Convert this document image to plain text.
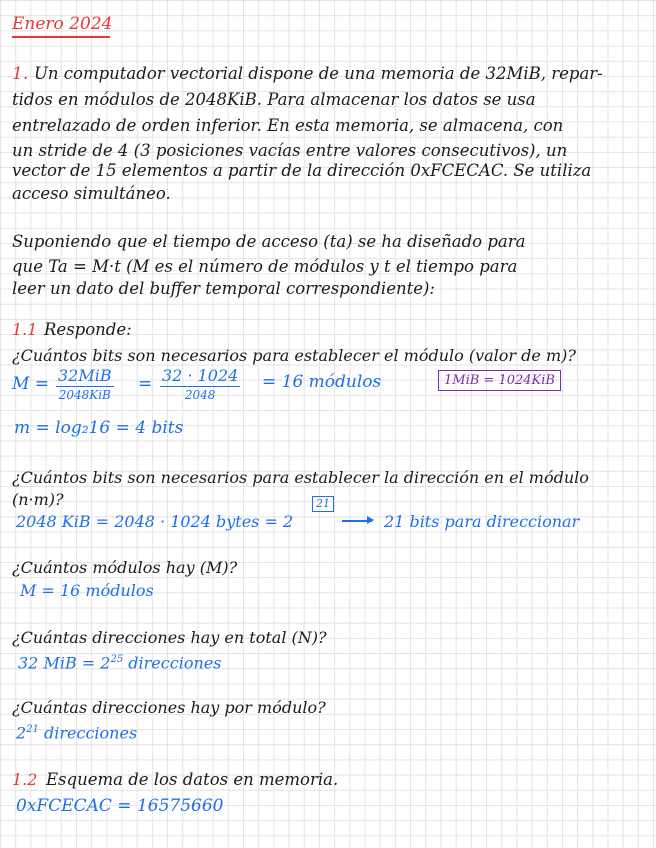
Enero 2024
1. Un computador vectorial dispone de una memoria de 32MiB, repar-
tidos en módulos de 2048KiB. Para almacenar los datos se usa
entrelazado de orden inferior. En esta memoria, se almacena, con
un stride de 4 (3 posiciones vacías entre valores consecutivos), un
vector de 15 elementos a partir de la dirección 0xFCECAC. Se utiliza
acceso simultáneo.
Suponiendo que el tiempo de acceso (ta) se ha diseñado para
que Ta = M·t (M es el número de módulos y t el tiempo para
leer un dato del buffer temporal correspondiente):
1.1 Responde:
¿Cuántos bits son necesarios para establecer el módulo (valor de m)?
M = 32MiB
2048KiB
= 32 · 1024
2048
= 16 módulos	1MiB = 1024KiB
m = log₂16 = 4 bits
¿Cuántos bits son necesarios para establecer la dirección en el módulo
(n·m)?
2048 KiB = 2048 · 1024 bytes = 2
21
21 bits para direccionar
¿Cuántos módulos hay (M)?
M = 16 módulos
¿Cuántas direcciones hay en total (N)?
32 MiB = $2^{25}$ direcciones
¿Cuántas direcciones hay por módulo?
$2^{21}$ direcciones
1.2 Esquema de los datos en memoria.
0xFCECAC = 16575660
